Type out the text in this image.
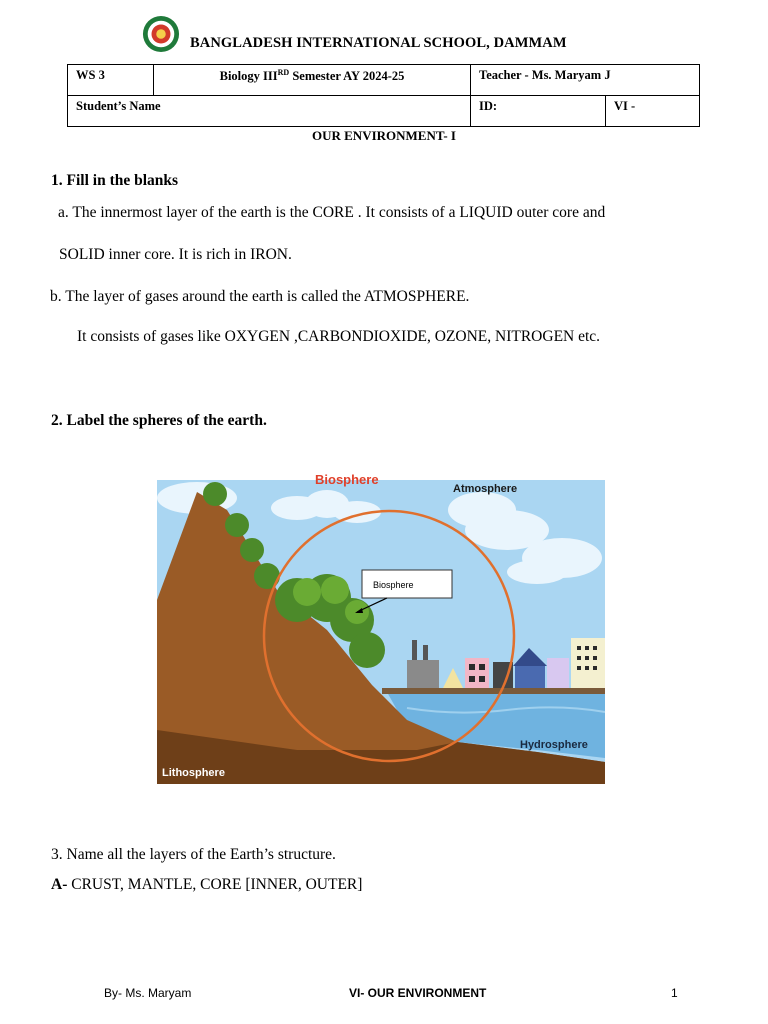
BANGLADESH INTERNATIONAL SCHOOL, DAMMAM
WS 3	Biology IIIRD Semester AY 2024-25	Teacher - Ms. Maryam J	
Student’s Name		ID:	VI -
OUR ENVIRONMENT- I
1. Fill in the blanks
a. The innermost layer of the earth is the CORE . It consists of a LIQUID outer core and
SOLID inner core. It is rich in IRON.
b. The layer of gases around the earth is called the ATMOSPHERE.
It consists of gases like OXYGEN ,CARBONDIOXIDE, OZONE, NITROGEN etc.
2. Label the spheres of the earth.
Biosphere
Biosphere
Atmosphere
Hydrosphere
Lithosphere
3. Name all the layers of the Earth’s structure.
A- CRUST, MANTLE, CORE [INNER, OUTER]
By- Ms. Maryam	VI- OUR ENVIRONMENT	1
